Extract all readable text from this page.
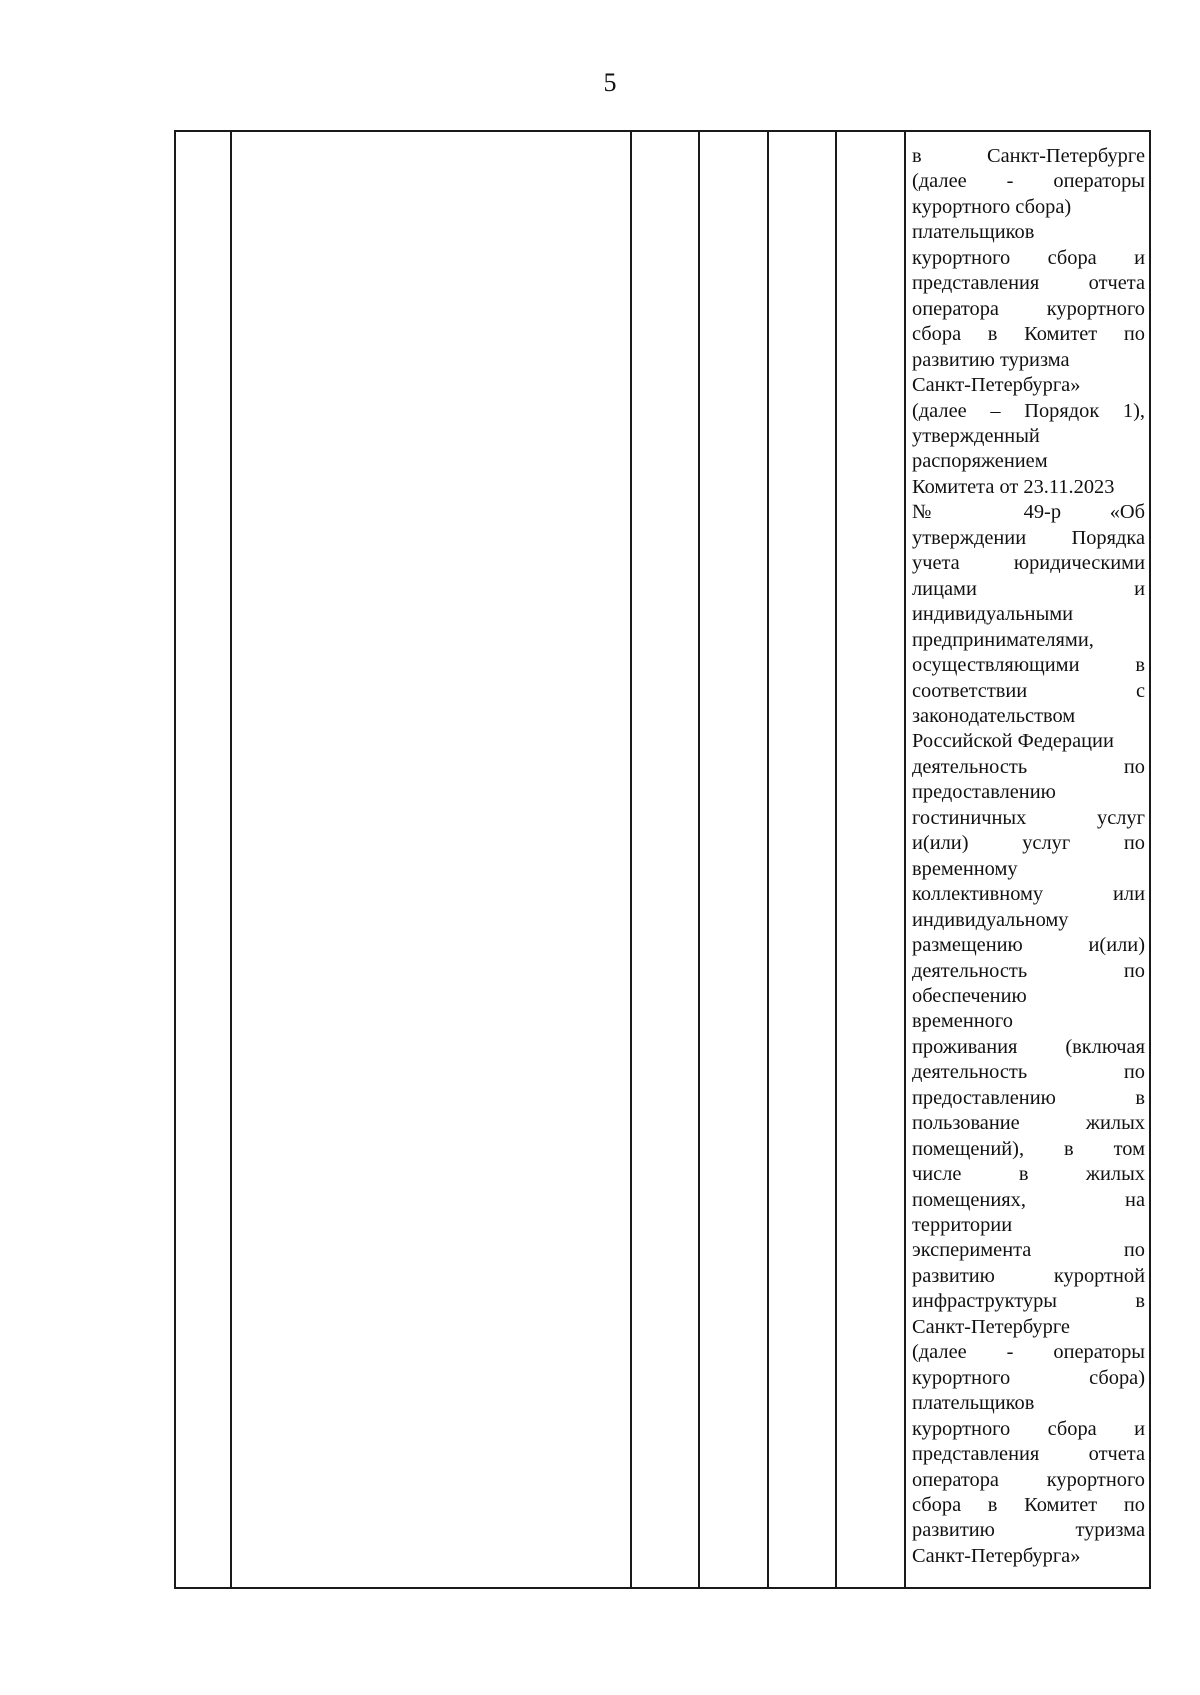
5

в Санкт-Петербурге
(далее - операторы
курортного сбора)
плательщиков
курортного сбора и
представления отчета
оператора курортного
сбора в Комитет по
развитию туризма
Санкт-Петербурга»
(далее – Порядок 1),
утвержденный
распоряжением
Комитета от 23.11.2023
№ 49-р «Об
утверждении Порядка
учета юридическими
лицами и
индивидуальными
предпринимателями,
осуществляющими в
соответствии с
законодательством
Российской Федерации
деятельность по
предоставлению
гостиничных услуг
и(или) услуг по
временному
коллективному или
индивидуальному
размещению и(или)
деятельность по
обеспечению
временного
проживания (включая
деятельность по
предоставлению в
пользование жилых
помещений), в том
числе в жилых
помещениях, на
территории
эксперимента по
развитию курортной
инфраструктуры в
Санкт-Петербурге
(далее - операторы
курортного сбора)
плательщиков
курортного сбора и
представления отчета
оператора курортного
сбора в Комитет по
развитию туризма
Санкт-Петербурга»
